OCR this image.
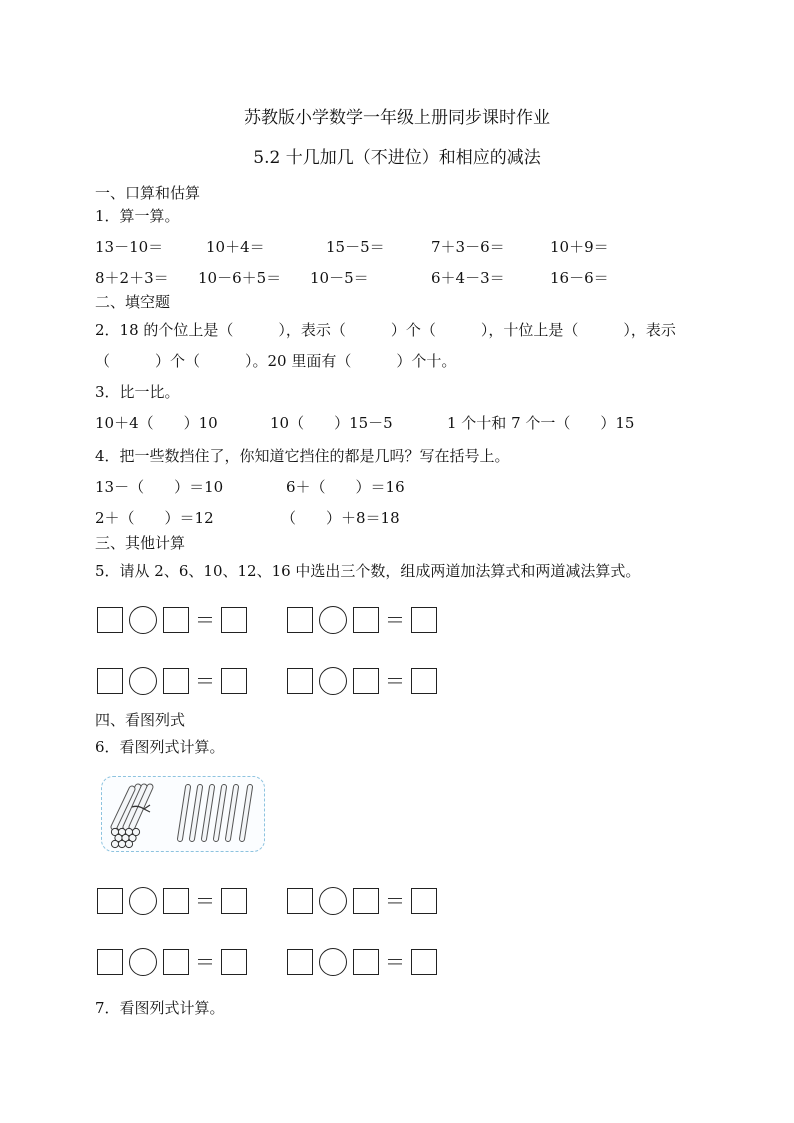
苏教版小学数学一年级上册同步课时作业
5.2 十几加几（不进位）和相应的减法
一、口算和估算
1．算一算。
13－10＝	10＋4＝	15－5＝	7＋3－6＝	10＋9＝
8＋2＋3＝ 10－6＋5＝ 10－5＝	6＋4－3＝	16－6＝
二、填空题
2．18 的个位上是（　　　），表示（　　　）个（　　　），十位上是（　　　），表示
（　　　）个（　　　）。20 里面有（　　　）个十。
3．比一比。
10＋4（　　）10	10（　　）15－5	1 个十和 7 个一（　　）15
4．把一些数挡住了，你知道它挡住的都是几吗？写在括号上。
13－（　　）＝10	6＋（　　）＝16
2＋（　　）＝12	（　　）＋8＝18
三、其他计算
5．请从 2、6、10、12、16 中选出三个数，组成两道加法算式和两道减法算式。
＝	＝
＝	＝
四、看图列式
6．看图列式计算。
＝	＝
＝	＝
7．看图列式计算。
